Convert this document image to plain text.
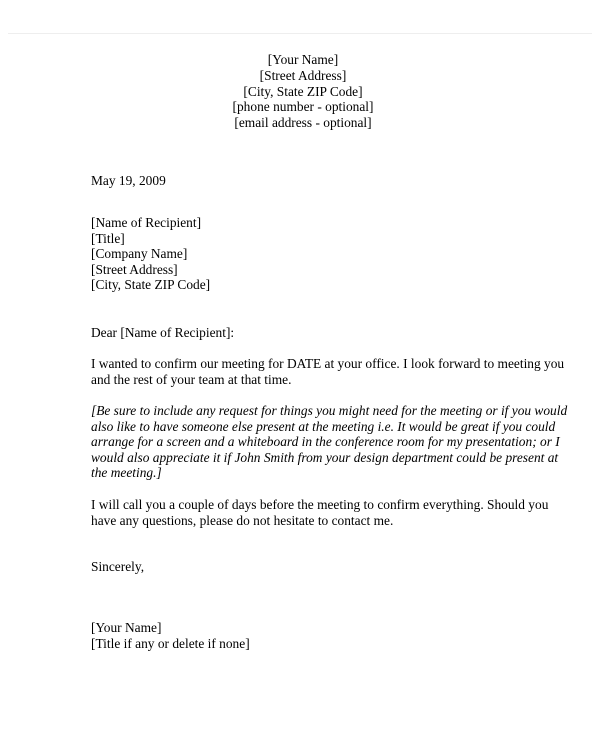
[Your Name]
[Street Address]
[City, State ZIP Code]
[phone number - optional]
[email address - optional]
May 19, 2009
[Name of Recipient]
[Title]
[Company Name]
[Street Address]
[City, State ZIP Code]
Dear [Name of Recipient]:
I wanted to confirm our meeting for DATE at your office. I look forward to meeting you
and the rest of your team at that time.
[Be sure to include any request for things you might need for the meeting or if you would
also like to have someone else present at the meeting i.e. It would be great if you could
arrange for a screen and a whiteboard in the conference room for my presentation; or I
would also appreciate it if John Smith from your design department could be present at
the meeting.]
I will call you a couple of days before the meeting to confirm everything. Should you
have any questions, please do not hesitate to contact me.
Sincerely,
[Your Name]
[Title if any or delete if none]
